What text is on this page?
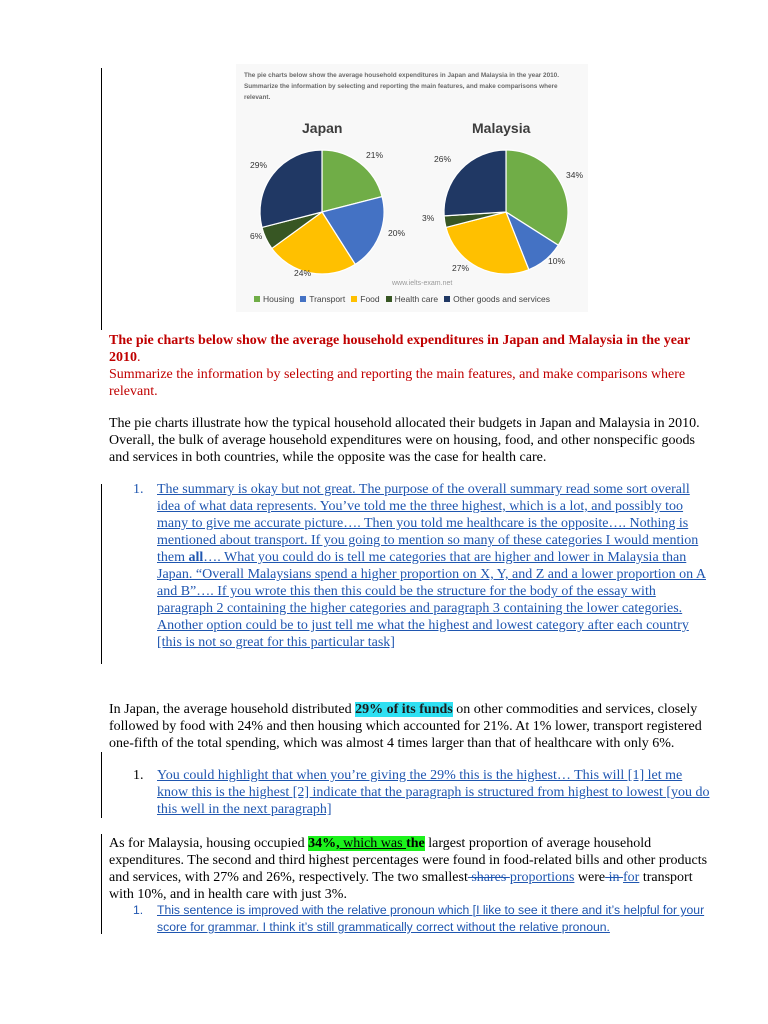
The pie charts below show the average household expenditures in Japan and Malaysia in the year 2010. Summarize the information by selecting and reporting the main features, and make comparisons where relevant.
Japan	Malaysia
21%
20%
24%
6%
29%
34%
10%
27%
3%
26%
www.ielts-exam.net
Housing Transport Food Health care Other goods and services
The pie charts below show the average household expenditures in Japan and Malaysia in the year 2010.
Summarize the information by selecting and reporting the main features, and make comparisons where relevant.
The pie charts illustrate how the typical household allocated their budgets in Japan and Malaysia in 2010. Overall, the bulk of average household expenditures were on housing, food, and other nonspecific goods and services in both countries, while the opposite was the case for health care.
1. The summary is okay but not great. The purpose of the overall summary read some sort overall idea of what data represents. You’ve told me the three highest, which is a lot, and possibly too many to give me accurate picture…. Then you told me healthcare is the opposite…. Nothing is mentioned about transport. If you going to mention so many of these categories I would mention them all…. What you could do is tell me categories that are higher and lower in Malaysia than Japan. “Overall Malaysians spend a higher proportion on X, Y, and Z and a lower proportion on A and B”…. If you wrote this then this could be the structure for the body of the essay with paragraph 2 containing the higher categories and paragraph 3 containing the lower categories. Another option could be to just tell me what the highest and lowest category after each country [this is not so great for this particular task]
In Japan, the average household distributed 29% of its funds on other commodities and services, closely followed by food with 24% and then housing which accounted for 21%. At 1% lower, transport registered one-fifth of the total spending, which was almost 4 times larger than that of healthcare with only 6%.
1. You could highlight that when you’re giving the 29% this is the highest… This will [1] let me know this is the highest [2] indicate that the paragraph is structured from highest to lowest [you do this well in the next paragraph]
As for Malaysia, housing occupied 34%, which was the largest proportion of average household expenditures. The second and third highest percentages were found in food-related bills and other products and services, with 27% and 26%, respectively. The two smallest shares proportions were in for transport with 10%, and in health care with just 3%.
1. This sentence is improved with the relative pronoun which [I like to see it there and it’s helpful for your score for grammar. I think it’s still grammatically correct without the relative pronoun.
